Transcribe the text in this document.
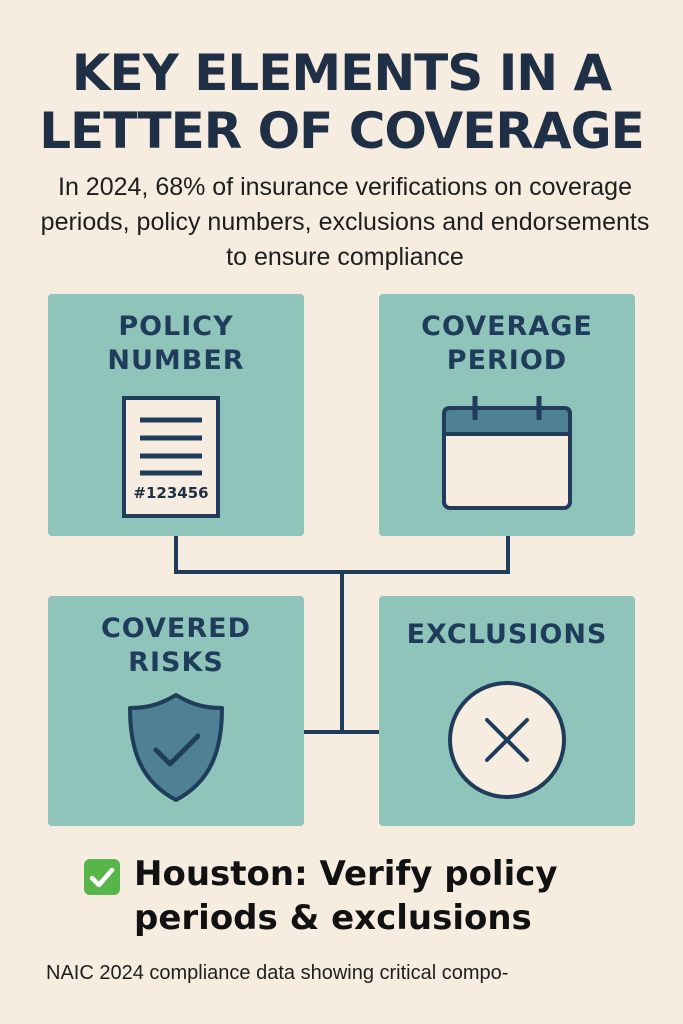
KEY ELEMENTS IN A
LETTER OF COVERAGE

In 2024, 68% of insurance verifications on coverage periods, policy numbers, exclusions and endorsements to ensure compliance

POLICY
NUMBER
#123456
COVERAGE
PERIOD
COVERED
RISKS
EXCLUSIONS
Houston: Verify policy periods & exclusions
NAIC 2024 compliance data showing critical compo-
